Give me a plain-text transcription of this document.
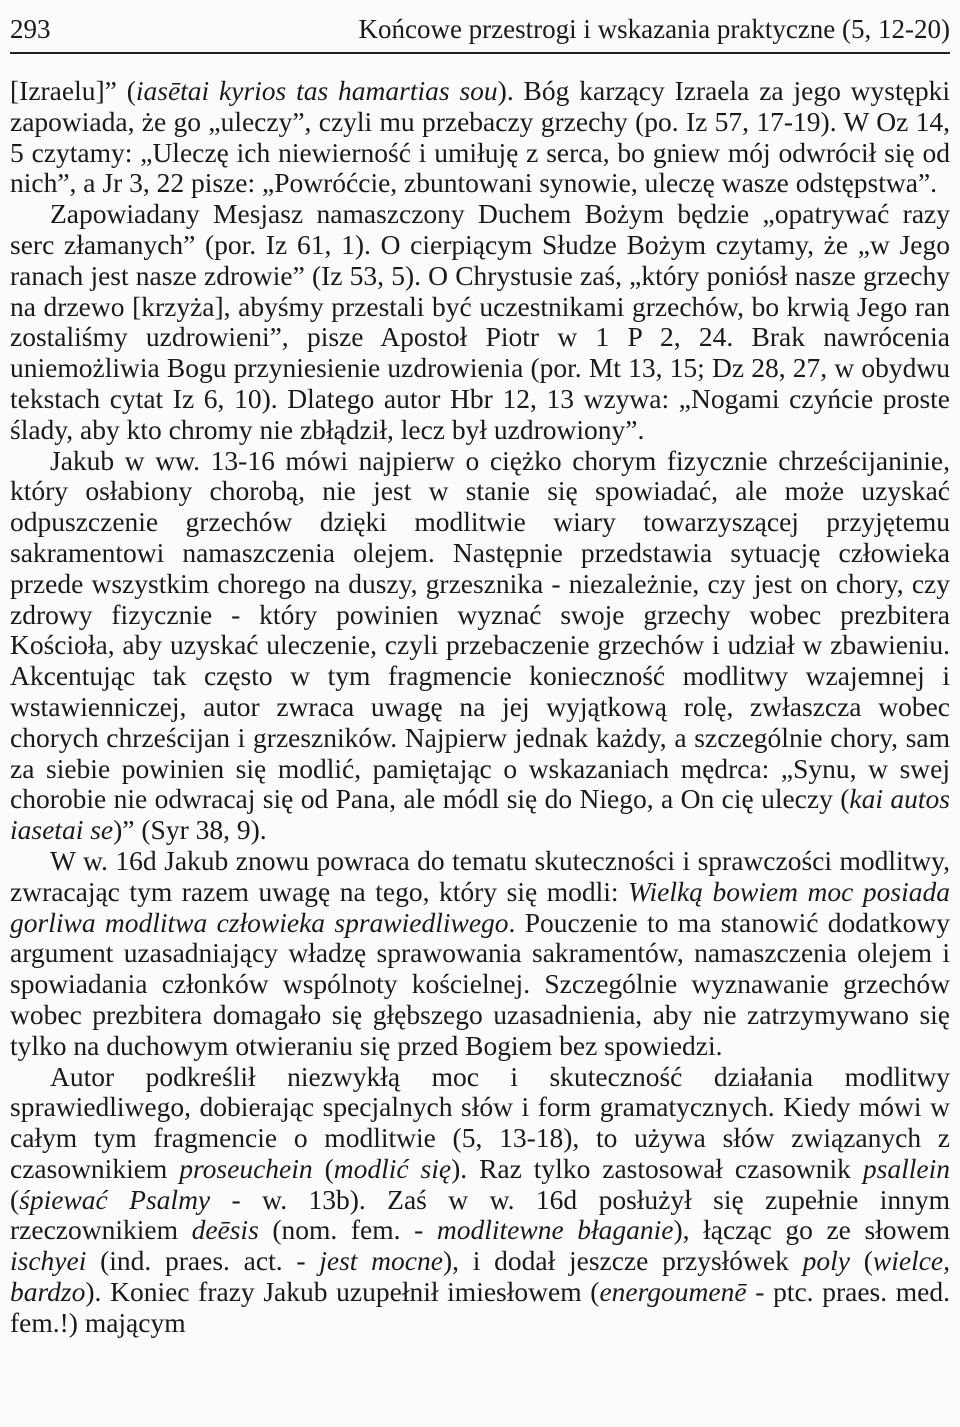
293	Końcowe przestrogi i wskazania praktyczne (5, 12-20)

[Izraelu]” (iasētai kyrios tas hamartias sou). Bóg karzący Izraela za jego występki zapowiada, że go „uleczy”, czyli mu przebaczy grzechy (po. Iz 57, 17-19). W Oz 14, 5 czytamy: „Uleczę ich niewierność i umiłuję z serca, bo gniew mój odwrócił się od nich”, a Jr 3, 22 pisze: „Powróćcie, zbuntowani synowie, uleczę wasze odstępstwa”.

Zapowiadany Mesjasz namaszczony Duchem Bożym będzie „opatrywać razy serc złamanych” (por. Iz 61, 1). O cierpiącym Słudze Bożym czytamy, że „w Jego ranach jest nasze zdrowie” (Iz 53, 5). O Chrystusie zaś, „który poniósł nasze grzechy na drzewo [krzyża], abyśmy przestali być uczestnikami grzechów, bo krwią Jego ran zostaliśmy uzdrowieni”, pisze Apostoł Piotr w 1 P 2, 24. Brak nawrócenia uniemożliwia Bogu przyniesienie uzdrowienia (por. Mt 13, 15; Dz 28, 27, w obydwu tekstach cytat Iz 6, 10). Dlatego autor Hbr 12, 13 wzywa: „Nogami czyńcie proste ślady, aby kto chromy nie zbłądził, lecz był uzdrowiony”.

Jakub w ww. 13-16 mówi najpierw o ciężko chorym fizycznie chrześcijaninie, który osłabiony chorobą, nie jest w stanie się spowiadać, ale może uzyskać odpuszczenie grzechów dzięki modlitwie wiary towarzyszącej przyjętemu sakramentowi namaszczenia olejem. Następnie przedstawia sytuację człowieka przede wszystkim chorego na duszy, grzesznika - niezależnie, czy jest on chory, czy zdrowy fizycznie - który powinien wyznać swoje grzechy wobec prezbitera Kościoła, aby uzyskać uleczenie, czyli przebaczenie grzechów i udział w zbawieniu. Akcentując tak często w tym fragmencie konieczność modlitwy wzajemnej i wstawienniczej, autor zwraca uwagę na jej wyjątkową rolę, zwłaszcza wobec chorych chrześcijan i grzeszników. Najpierw jednak każdy, a szczególnie chory, sam za siebie powinien się modlić, pamiętając o wskazaniach mędrca: „Synu, w swej chorobie nie odwracaj się od Pana, ale módl się do Niego, a On cię uleczy (kai autos iasetai se)” (Syr 38, 9).

W w. 16d Jakub znowu powraca do tematu skuteczności i sprawczości modlitwy, zwracając tym razem uwagę na tego, który się modli: Wielką bowiem moc posiada gorliwa modlitwa człowieka sprawiedliwego. Pouczenie to ma stanowić dodatkowy argument uzasadniający władzę sprawowania sakramentów, namaszczenia olejem i spowiadania członków wspólnoty kościelnej. Szczególnie wyznawanie grzechów wobec prezbitera domagało się głębszego uzasadnienia, aby nie zatrzymywano się tylko na duchowym otwieraniu się przed Bogiem bez spowiedzi.

Autor podkreślił niezwykłą moc i skuteczność działania modlitwy sprawiedliwego, dobierając specjalnych słów i form gramatycznych. Kiedy mówi w całym tym fragmencie o modlitwie (5, 13-18), to używa słów związanych z czasownikiem proseuchein (modlić się). Raz tylko zastosował czasownik psallein (śpiewać Psalmy - w. 13b). Zaś w w. 16d posłużył się zupełnie innym rzeczownikiem deēsis (nom. fem. - modlitewne błaganie), łącząc go ze słowem ischyei (ind. praes. act. - jest mocne), i dodał jeszcze przysłówek poly (wielce, bardzo). Koniec frazy Jakub uzupełnił imiesłowem (energoumenē - ptc. praes. med. fem.!) mającym
